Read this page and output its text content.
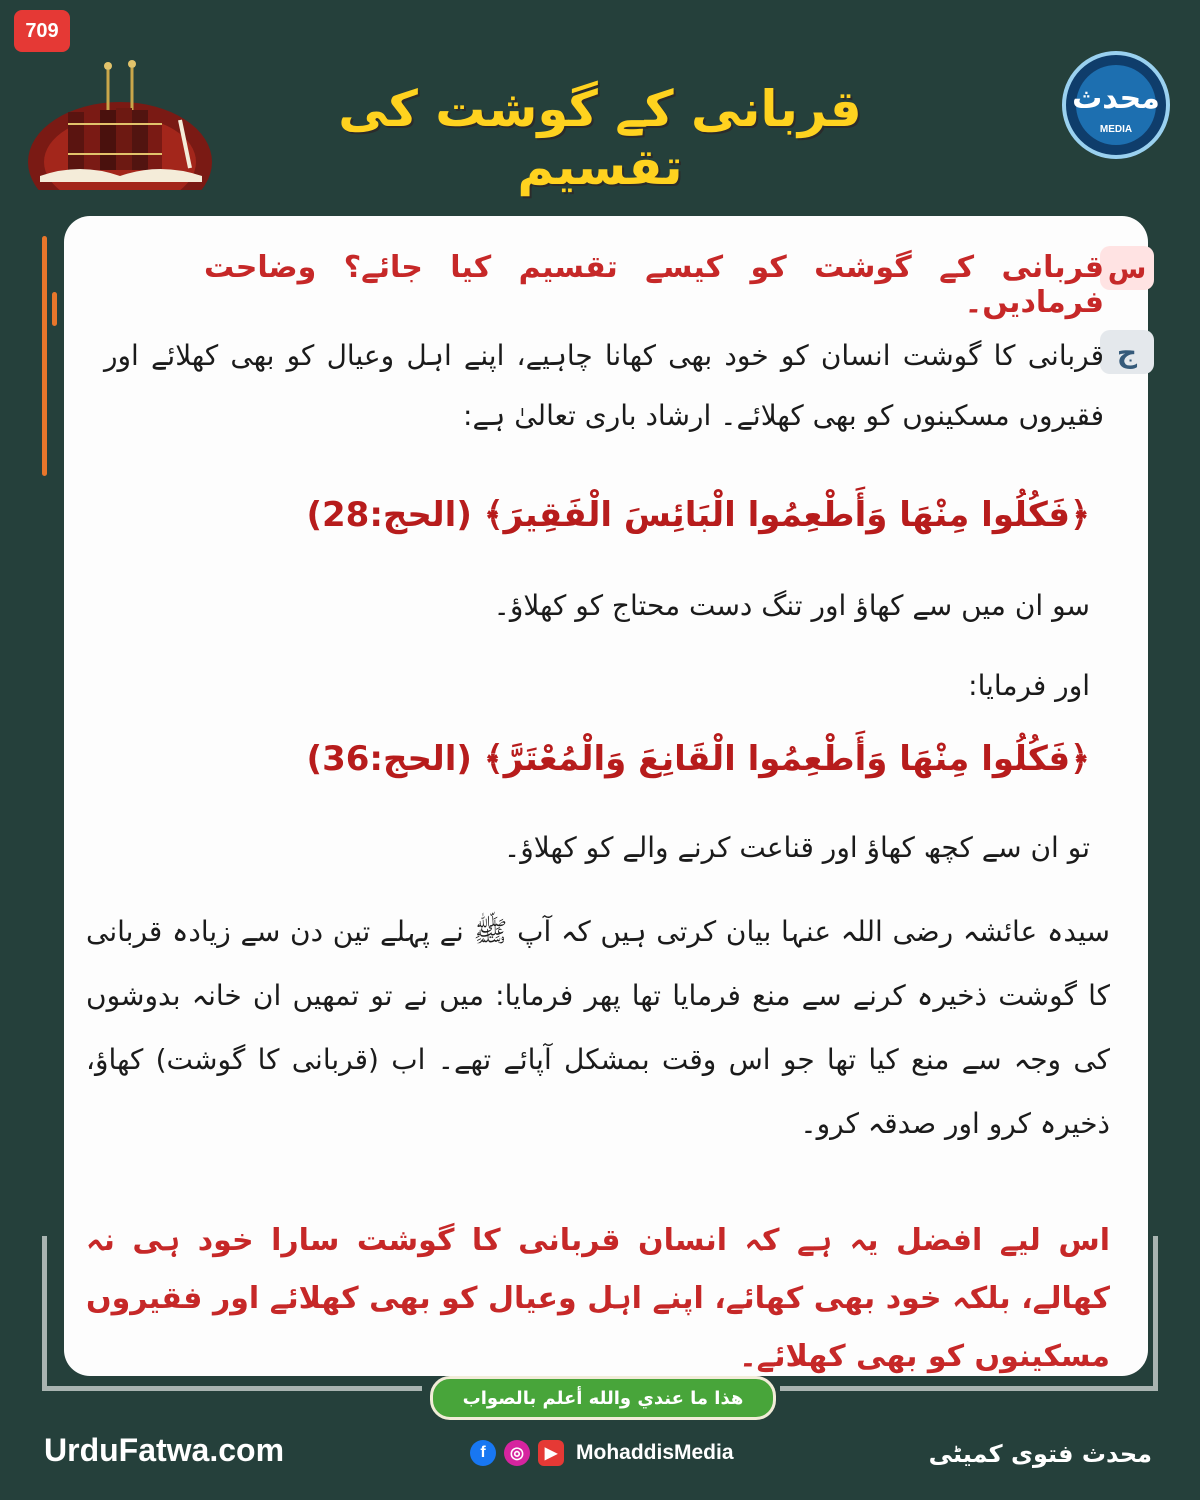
709
محدث
MEDIA
قربانی کے گوشت کی تقسیم
س
ج
قربانی کے گوشت کو کیسے تقسیم کیا جائے؟ وضاحت فرمادیں۔
قربانی کا گوشت انسان کو خود بھی کھانا چاہیے، اپنے اہل وعیال کو بھی کھلائے اور فقیروں مسکینوں کو بھی کھلائے۔ ارشاد باری تعالیٰ ہے:
﴿فَكُلُوا مِنْهَا وَأَطْعِمُوا الْبَائِسَ الْفَقِيرَ﴾ (الحج:28)
سو ان میں سے کھاؤ اور تنگ دست محتاج کو کھلاؤ۔
اور فرمایا:
﴿فَكُلُوا مِنْهَا وَأَطْعِمُوا الْقَانِعَ وَالْمُعْتَرَّ﴾ (الحج:36)
تو ان سے کچھ کھاؤ اور قناعت کرنے والے کو کھلاؤ۔
سیدہ عائشہ رضی اللہ عنہا بیان کرتی ہیں کہ آپ ﷺ نے پہلے تین دن سے زیادہ قربانی کا گوشت ذخیرہ کرنے سے منع فرمایا تھا پھر فرمایا: میں نے تو تمھیں ان خانہ بدوشوں کی وجہ سے منع کیا تھا جو اس وقت بمشکل آپائے تھے۔ اب (قربانی کا گوشت) کھاؤ، ذخیرہ کرو اور صدقہ کرو۔
اس لیے افضل یہ ہے کہ انسان قربانی کا گوشت سارا خود ہی نہ کھالے، بلکہ خود بھی کھائے، اپنے اہل وعیال کو بھی کھلائے اور فقیروں مسکینوں کو بھی کھلائے۔
هذا ما عندي والله أعلم بالصواب
UrduFatwa.com	f	◎	▶ MohaddisMedia	محدث فتوی کمیٹی
